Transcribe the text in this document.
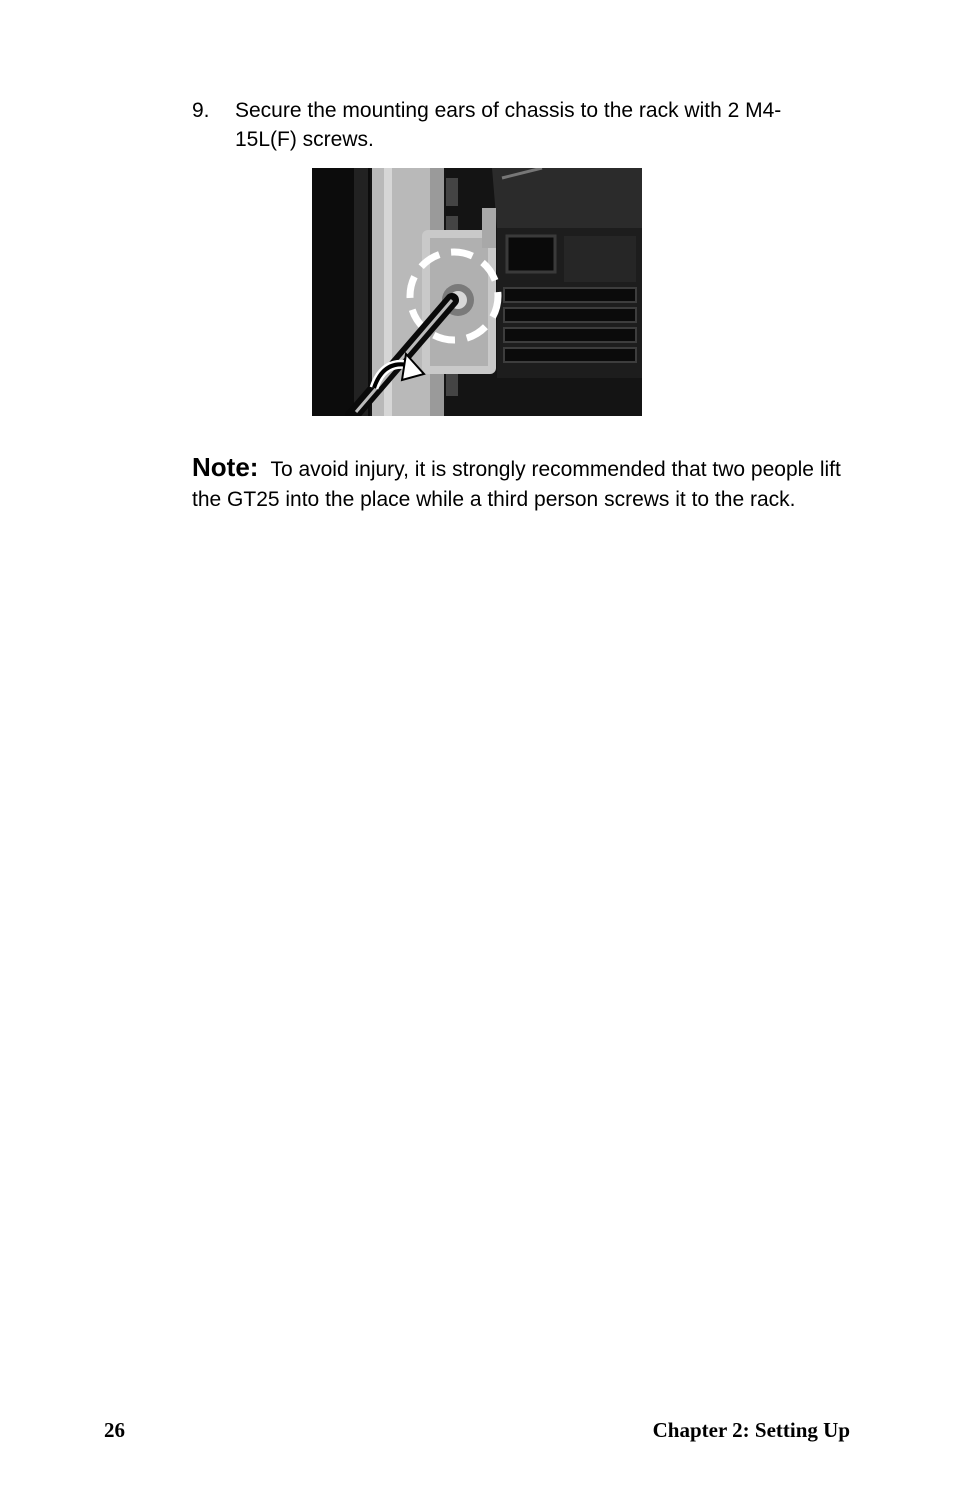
9. Secure the mounting ears of chassis to the rack with 2 M4-15L(F) screws.
Note: To avoid injury, it is strongly recommended that two people lift the GT25 into the place while a third person screws it to the rack.
26	Chapter 2: Setting Up
